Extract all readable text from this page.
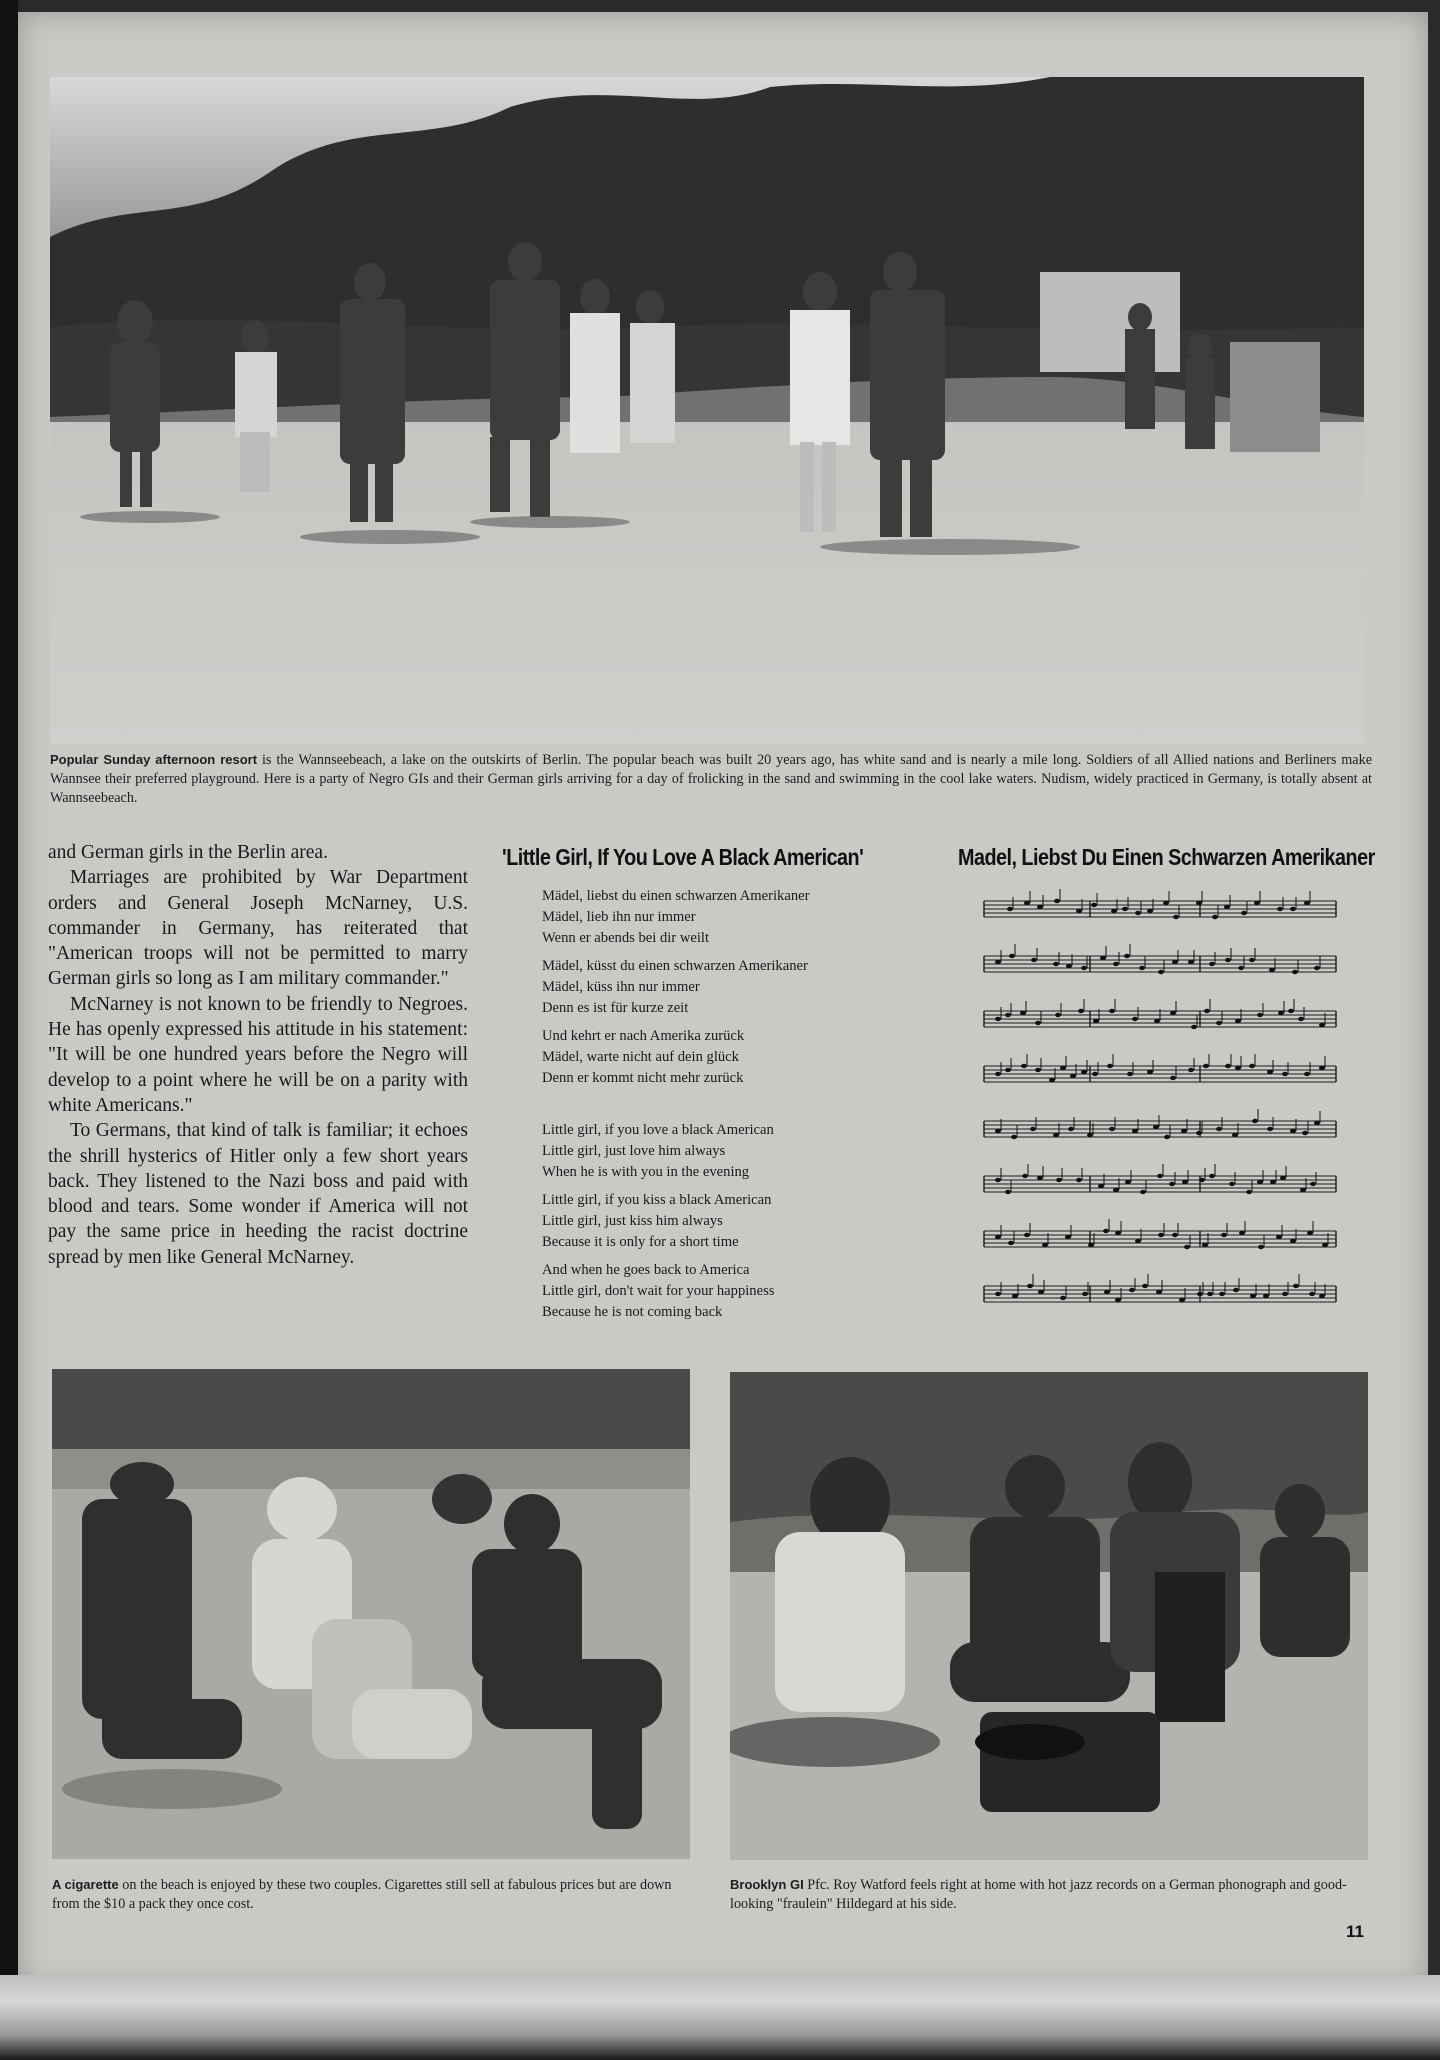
Popular Sunday afternoon resort is the Wannseebeach, a lake on the outskirts of Berlin. The popular beach was built 20 years ago, has white sand and is nearly a mile long. Soldiers of all Allied nations and Berliners make Wannsee their preferred playground. Here is a party of Negro GIs and their German girls arriving for a day of frolicking in the sand and swimming in the cool lake waters. Nudism, widely practiced in Germany, is totally absent at Wannseebeach.

and German girls in the Berlin area.

Marriages are prohibited by War Department orders and General Joseph McNarney, U.S. commander in Germany, has reiterated that "American troops will not be permitted to marry German girls so long as I am military commander."

McNarney is not known to be friendly to Negroes. He has openly expressed his attitude in his statement: "It will be one hundred years before the Negro will develop to a point where he will be on a parity with white Americans."

To Germans, that kind of talk is familiar; it echoes the shrill hysterics of Hitler only a few short years back. They listened to the Nazi boss and paid with blood and tears. Some wonder if America will not pay the same price in heeding the racist doctrine spread by men like General McNarney.

'Little Girl, If You Love A Black American'	Madel, Liebst Du Einen Schwarzen Amerikaner
Mädel, liebst du einen schwarzen Amerikaner
Mädel, lieb ihn nur immer
Wenn er abends bei dir weilt
Mädel, küsst du einen schwarzen Amerikaner
Mädel, küss ihn nur immer
Denn es ist für kurze zeit
Und kehrt er nach Amerika zurück
Mädel, warte nicht auf dein glück
Denn er kommt nicht mehr zurück
Little girl, if you love a black American
Little girl, just love him always
When he is with you in the evening
Little girl, if you kiss a black American
Little girl, just kiss him always
Because it is only for a short time
And when he goes back to America
Little girl, don't wait for your happiness
Because he is not coming back
A cigarette on the beach is enjoyed by these two couples. Cigarettes still sell at fabulous prices but are down from the $10 a pack they once cost.
Brooklyn GI Pfc. Roy Watford feels right at home with hot jazz records on a German phonograph and good-looking "fraulein" Hildegard at his side.
11
